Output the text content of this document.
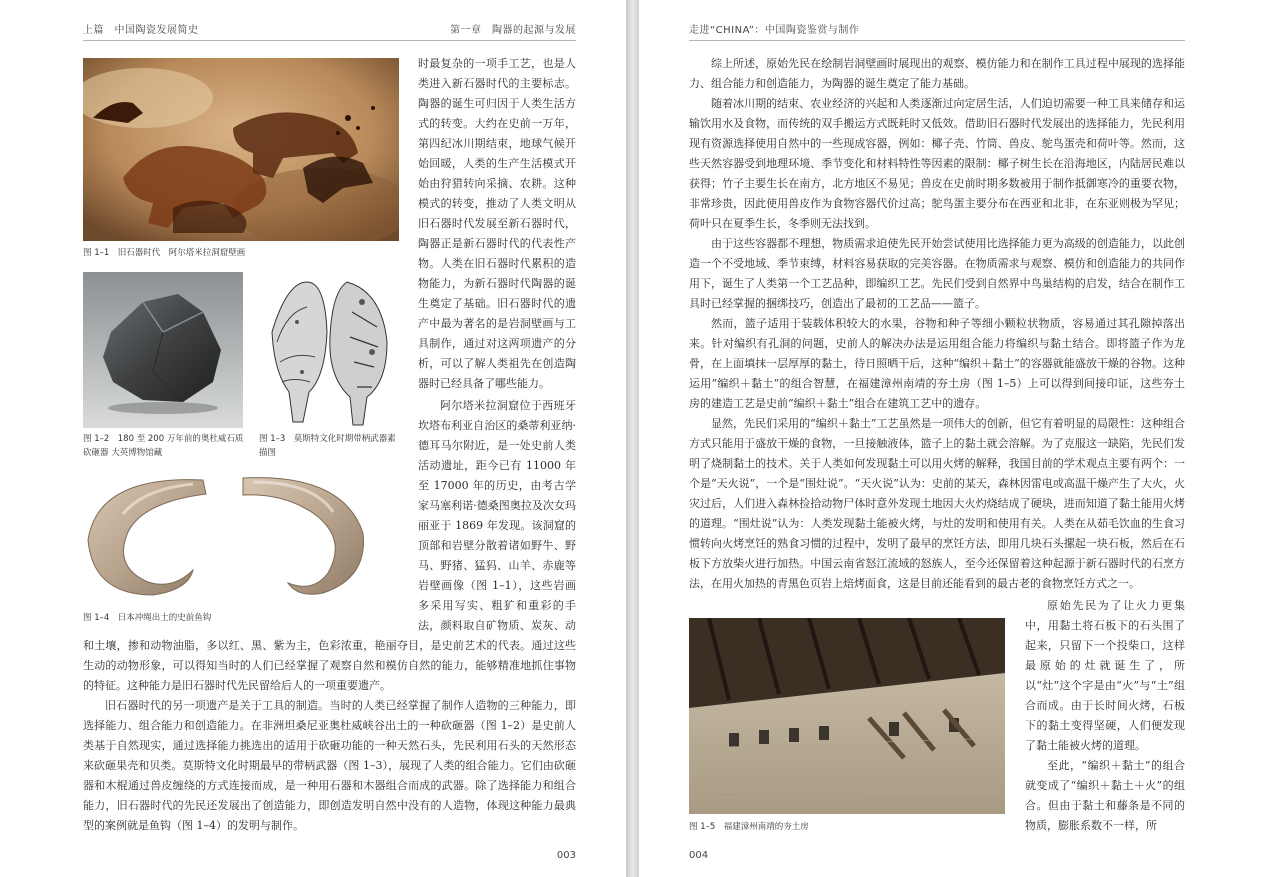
上篇　中国陶瓷发展简史	第一章　陶器的起源与发展
图 1–1　旧石器时代　阿尔塔米拉洞窟壁画
图 1–2　180 至 200 万年前的奥杜威石质砍砸器 大英博物馆藏
图 1–3　莫斯特文化时期带柄武器素描图
图 1–4　日本冲绳出土的史前鱼钩

时最复杂的一项手工艺，也是人类进入新石器时代的主要标志。陶器的诞生可归因于人类生活方式的转变。大约在史前一万年，第四纪冰川期结束，地球气候开始回暖，人类的生产生活模式开始由狩猎转向采摘、农耕。这种模式的转变，推动了人类文明从旧石器时代发展至新石器时代，陶器正是新石器时代的代表性产物。人类在旧石器时代累积的造物能力，为新石器时代陶器的诞生奠定了基础。旧石器时代的遗产中最为著名的是岩洞壁画与工具制作，通过对这两项遗产的分析，可以了解人类祖先在创造陶器时已经具备了哪些能力。

阿尔塔米拉洞窟位于西班牙坎塔布利亚自治区的桑蒂利亚纳·德耳马尔附近，是一处史前人类活动遗址，距今已有 11000 年至 17000 年的历史，由考古学家马塞利诺·德桑图奥拉及次女玛丽亚于 1869 年发现。该洞窟的顶部和岩壁分散着诸如野牛、野马、野猪、猛犸、山羊、赤鹿等岩壁画像（图 1–1），这些岩画多采用写实、粗犷和重彩的手法，颜料取自矿物质、炭灰、动

和土壤，掺和动物油脂，多以红、黑、紫为主，色彩浓重，艳丽夺目，是史前艺术的代表。通过这些生动的动物形象，可以得知当时的人们已经掌握了观察自然和模仿自然的能力，能够精准地抓住事物的特征。这种能力是旧石器时代先民留给后人的一项重要遗产。

旧石器时代的另一项遗产是关于工具的制造。当时的人类已经掌握了制作人造物的三种能力，即选择能力、组合能力和创造能力。在非洲坦桑尼亚奥杜威峡谷出土的一种砍砸器（图 1–2）是史前人类基于自然现实，通过选择能力挑选出的适用于砍砸功能的一种天然石头，先民利用石头的天然形态来砍砸果壳和贝类。莫斯特文化时期最早的带柄武器（图 1–3），展现了人类的组合能力。它们由砍砸器和木棍通过兽皮缠绕的方式连接而成，是一种用石器和木器组合而成的武器。除了选择能力和组合能力，旧石器时代的先民还发展出了创造能力，即创造发明自然中没有的人造物，体现这种能力最典型的案例就是鱼钩（图 1–4）的发明与制作。

003
走进“CHINA”：中国陶瓷鉴赏与制作

综上所述，原始先民在绘制岩洞壁画时展现出的观察、模仿能力和在制作工具过程中展现的选择能力、组合能力和创造能力，为陶器的诞生奠定了能力基础。

随着冰川期的结束、农业经济的兴起和人类逐渐过向定居生活，人们迫切需要一种工具来储存和运输饮用水及食物，而传统的双手搬运方式既耗时又低效。借助旧石器时代发展出的选择能力，先民利用现有资源选择使用自然中的一些现成容器，例如：椰子壳、竹筒、兽皮、鸵鸟蛋壳和荷叶等。然而，这些天然容器受到地理环境、季节变化和材料特性等因素的限制：椰子树生长在沿海地区，内陆居民难以获得；竹子主要生长在南方，北方地区不易见；兽皮在史前时期多数被用于制作抵御寒冷的重要衣物，非常珍贵，因此使用兽皮作为食物容器代价过高；鸵鸟蛋主要分布在西亚和北非，在东亚则极为罕见；荷叶只在夏季生长，冬季则无法找到。

由于这些容器都不理想，物质需求迫使先民开始尝试使用比选择能力更为高级的创造能力，以此创造一个不受地域、季节束缚，材料容易获取的完美容器。在物质需求与观察、模仿和创造能力的共同作用下，诞生了人类第一个工艺品种，即编织工艺。先民们受到自然界中鸟巢结构的启发，结合在制作工具时已经掌握的捆绑技巧，创造出了最初的工艺品——篮子。

然而，篮子适用于装载体积较大的水果，谷物和种子等细小颗粒状物质，容易通过其孔隙掉落出来。针对编织有孔洞的问题，史前人的解决办法是运用组合能力将编织与黏土结合。即将篮子作为龙骨，在上面填抹一层厚厚的黏土，待日照晒干后，这种“编织＋黏土”的容器就能盛放干燥的谷物。这种运用“编织＋黏土”的组合智慧，在福建漳州南靖的夯土房（图 1–5）上可以得到间接印证，这些夯土房的建造工艺是史前“编织＋黏土”组合在建筑工艺中的遗存。

显然，先民们采用的“编织＋黏土”工艺虽然是一项伟大的创新，但它有着明显的局限性：这种组合方式只能用于盛放干燥的食物，一旦接触液体，篮子上的黏土就会溶解。为了克服这一缺陷，先民们发明了烧制黏土的技术。关于人类如何发现黏土可以用火烤的解释，我国目前的学术观点主要有两个：一个是“天火说”，一个是“围灶说”。“天火说”认为：史前的某天，森林因雷电或高温干燥产生了大火，火灾过后，人们进入森林捡拾动物尸体时意外发现土地因大火灼烧结成了硬块，进而知道了黏土能用火烤的道理。“围灶说”认为：人类发现黏土能被火烤，与灶的发明和使用有关。人类在从茹毛饮血的生食习惯转向火烤烹饪的熟食习惯的过程中，发明了最早的烹饪方法，即用几块石头摞起一块石板，然后在石板下方放柴火进行加热。中国云南省怒江流域的怒族人，至今还保留着这种起源于新石器时代的石烹方法，在用火加热的青黑色页岩上焙烤面食，这是目前还能看到的最古老的食物烹饪方式之一。

图 1–5　福建漳州南靖的夯土房

原始先民为了让火力更集中，用黏土将石板下的石头围了起来，只留下一个投柴口，这样最原始的灶就诞生了，所以“灶”这个字是由“火”与“土”组合而成。由于长时间火烤，石板下的黏土变得坚硬，人们便发现了黏土能被火烤的道理。

至此，“编织＋黏土”的组合就变成了“编织＋黏土＋火”的组合。但由于黏土和藤条是不同的物质，膨胀系数不一样，所

004
